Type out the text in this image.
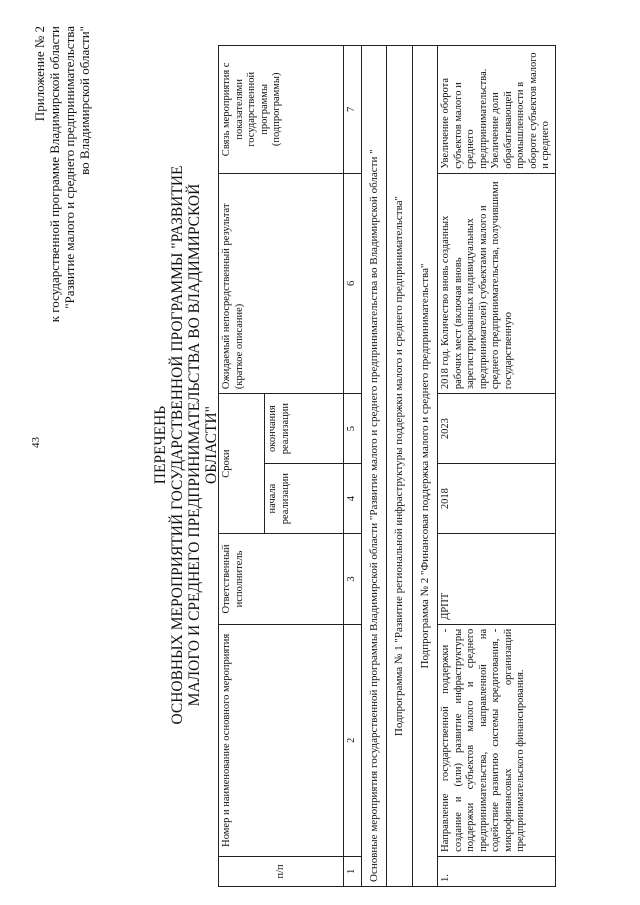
43
Приложение № 2 к государственной программе Владимирской области "Развитие малого и среднего предпринимательства во Владимирской области"
ПЕРЕЧЕНЬ ОСНОВНЫХ МЕРОПРИЯТИЙ ГОСУДАРСТВЕННОЙ ПРОГРАММЫ "РАЗВИТИЕ МАЛОГО И СРЕДНЕГО ПРЕДПРИНИМАТЕЛЬСТВА ВО ВЛАДИМИРСКОЙ ОБЛАСТИ"
п/п	Номер и наименование основного мероприятия	Ответственный исполнитель	Сроки		Ожидаемый непосредственный результат (краткое описание)	Связь мероприятия с показателями государственной программы (подпрограммы)
			начала реализации	окончания реализации		
1	2	3	4	5	6	7
Основные мероприятия государственной программы Владимирской области "Развитие малого и среднего предпринимательства во Владимирской области "						
Подпрограмма № 1 "Развитие региональной инфраструктуры поддержки малого и среднего предпринимательства"						
Подпрограмма № 2 "Финансовая поддержка малого и среднего предпринимательства"						
1.	Направление государственной поддержки - создание и (или) развитие инфраструктуры поддержки субъектов малого и среднего предпринимательства, направленной на содействие развитию системы кредитования, - микрофинансовых организаций предпринимательского финансирования.	ДРПТ	2018	2023	2018 год. Количество вновь созданных рабочих мест (включая вновь зарегистрированных индивидуальных предпринимателей) субъектами малого и среднего предпринимательства, получившими государственную	Увеличение оборота субъектов малого и среднего предпринимательства. Увеличение доли обрабатывающей промышленности в обороте субъектов малого и среднего
